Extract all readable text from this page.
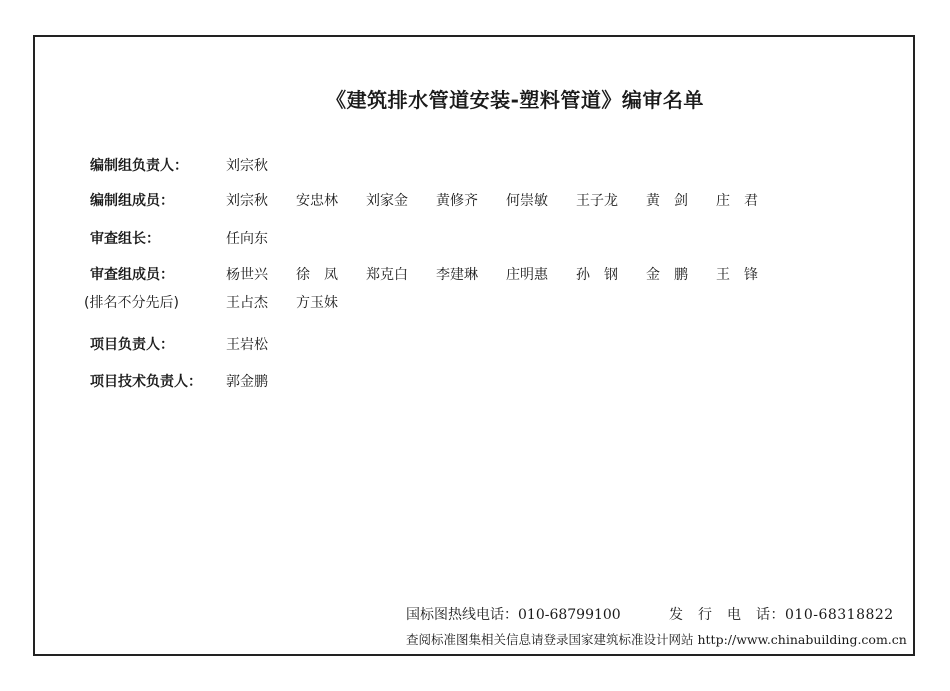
《建筑排水管道安装-塑料管道》编审名单
编制组负责人：	刘宗秋
编制组成员：	刘宗秋 安忠林 刘家金 黄修齐 何崇敏 王子龙 黄　剑 庄　君
审查组长：	任向东
审查组成员：	杨世兴 徐　凤 郑克白 李建琳 庄明惠 孙　钢 金　鹏 王　锋
(排名不分先后)	王占杰 方玉妹
项目负责人：	王岩松
项目技术负责人： 郭金鹏
国标图热线电话：010-68799100	发　行　电　话：010-68318822
查阅标准图集相关信息请登录国家建筑标准设计网站 http://www.chinabuilding.com.cn
